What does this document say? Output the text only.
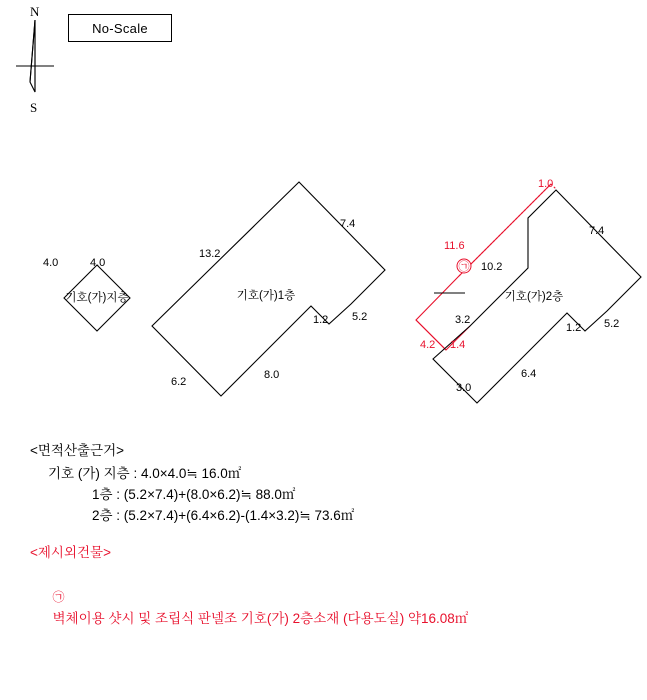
N
S
No-Scale
기호(가)지층
4.0	4.0
기호(가)1층
7.4
13.2
5.2
1.2
8.0
6.2
기호(가)2층
7.4
5.2
1.2
6.4
3.0
1.4
4.2
3.2
10.2
11.6
1.0
㉠
<면적산출근거>
기호 (가) 지층 : 4.0×4.0≒ 16.0㎡
1층 : (5.2×7.4)+(8.0×6.2)≒ 88.0㎡
2층 : (5.2×7.4)+(6.4×6.2)-(1.4×3.2)≒ 73.6㎡
<제시외건물>

㉠
벽체이용 샷시 및 조립식 판넬조 기호(가) 2층소재 (다용도실) 약16.08㎡
